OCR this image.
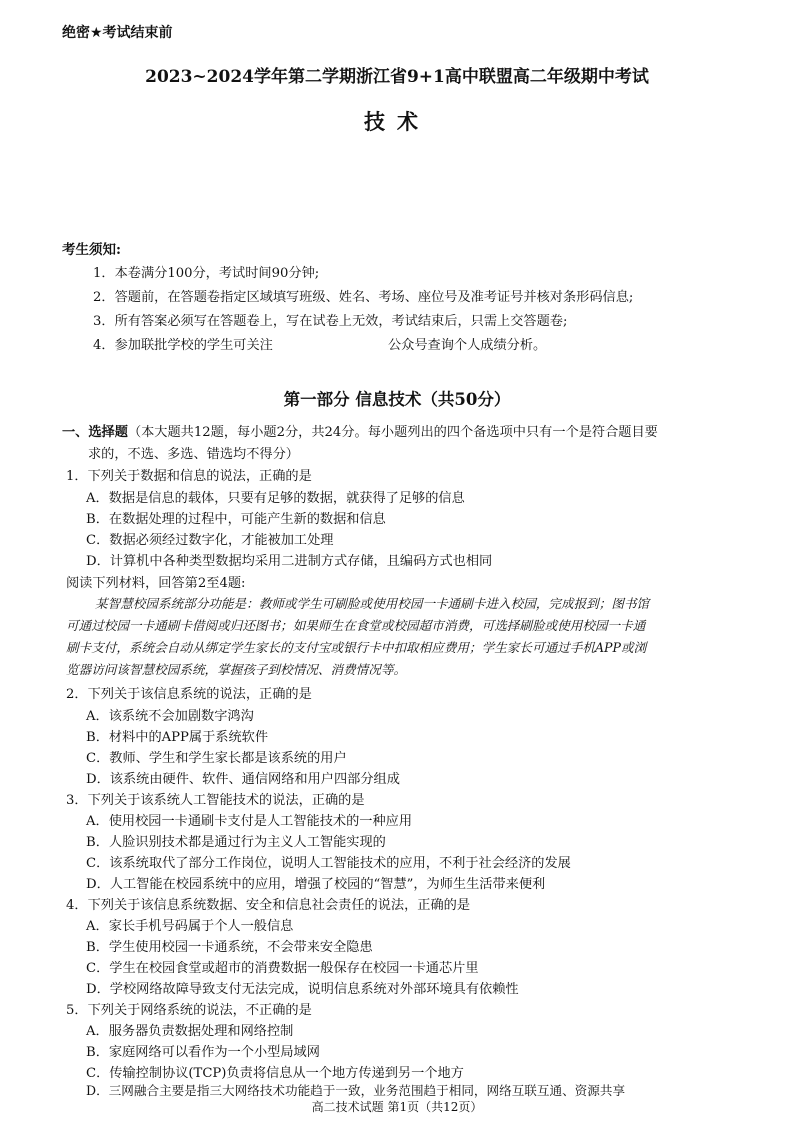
绝密★考试结束前
2023~2024学年第二学期浙江省9+1高中联盟高二年级期中考试
技术
考生须知:
1．本卷满分100分，考试时间90分钟;
2．答题前，在答题卷指定区域填写班级、姓名、考场、座位号及准考证号并核对条形码信息;
3．所有答案必须写在答题卷上，写在试卷上无效，考试结束后，只需上交答题卷;
4．参加联批学校的学生可关注	公众号查询个人成绩分析。
第一部分 信息技术（共50分）
一、选择题（本大题共12题，每小题2分，共24分。每小题列出的四个备选项中只有一个是符合题目要
求的，不选、多选、错选均不得分）
1．下列关于数据和信息的说法，正确的是
A．数据是信息的载体，只要有足够的数据，就获得了足够的信息
B．在数据处理的过程中，可能产生新的数据和信息
C．数据必须经过数字化，才能被加工处理
D．计算机中各种类型数据均采用二进制方式存储，且编码方式也相同
阅读下列材料，回答第2至4题:
某智慧校园系统部分功能是：教师或学生可刷脸或使用校园一卡通刷卡进入校园，完成报到；图书馆
可通过校园一卡通刷卡借阅或归还图书；如果师生在食堂或校园超市消费，可选择刷脸或使用校园一卡通
刷卡支付，系统会自动从绑定学生家长的支付宝或银行卡中扣取相应费用；学生家长可通过手机APP或浏
览器访问该智慧校园系统，掌握孩子到校情况、消费情况等。
2．下列关于该信息系统的说法，正确的是
A．该系统不会加剧数字鸿沟
B．材料中的APP属于系统软件
C．教师、学生和学生家长都是该系统的用户
D．该系统由硬件、软件、通信网络和用户四部分组成
3．下列关于该系统人工智能技术的说法，正确的是
A．使用校园一卡通刷卡支付是人工智能技术的一种应用
B．人脸识别技术都是通过行为主义人工智能实现的
C．该系统取代了部分工作岗位，说明人工智能技术的应用，不利于社会经济的发展
D．人工智能在校园系统中的应用，增强了校园的“智慧”，为师生生活带来便利
4．下列关于该信息系统数据、安全和信息社会责任的说法，正确的是
A．家长手机号码属于个人一般信息
B．学生使用校园一卡通系统，不会带来安全隐患
C．学生在校园食堂或超市的消费数据一般保存在校园一卡通芯片里
D．学校网络故障导致支付无法完成，说明信息系统对外部环境具有依赖性
5．下列关于网络系统的说法，不正确的是
A．服务器负责数据处理和网络控制
B．家庭网络可以看作为一个小型局域网
C．传输控制协议(TCP)负责将信息从一个地方传递到另一个地方
D．三网融合主要是指三大网络技术功能趋于一致，业务范围趋于相同，网络互联互通、资源共享
高二技术试题 第1页（共12页）
